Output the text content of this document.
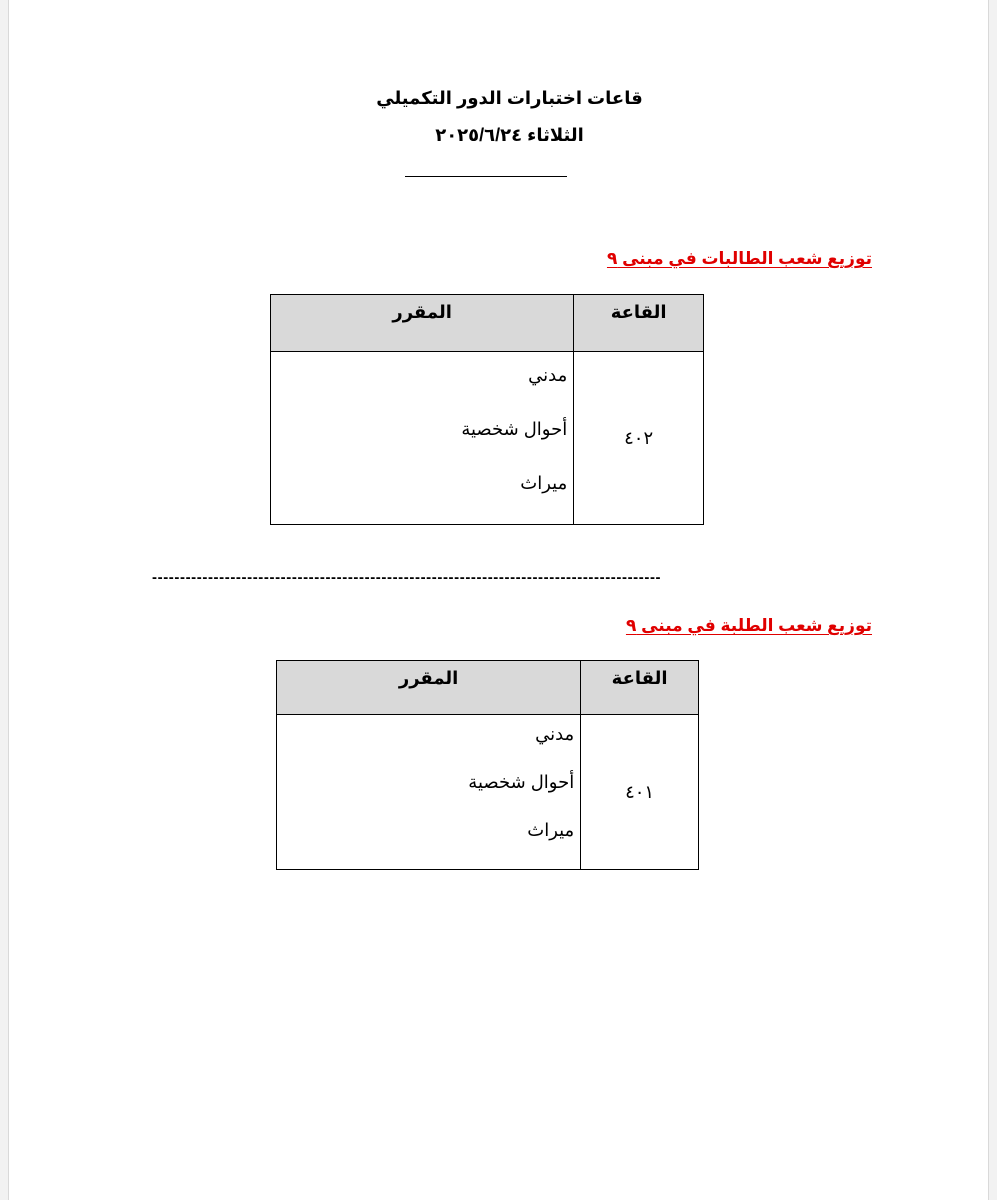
قاعات اختبارات الدور التكميلي
الثلاثاء ٢٠٢٥/٦/٢٤
توزيع شعب الطالبات في مبنى ٩
القاعة	المقرر
٤٠٢	مدني
أحوال شخصية
ميراث
-------------------------------------------------------------------------------------------
توزيع شعب الطلبة في مبنى ٩
القاعة	المقرر
٤٠١	مدني
أحوال شخصية
ميراث
